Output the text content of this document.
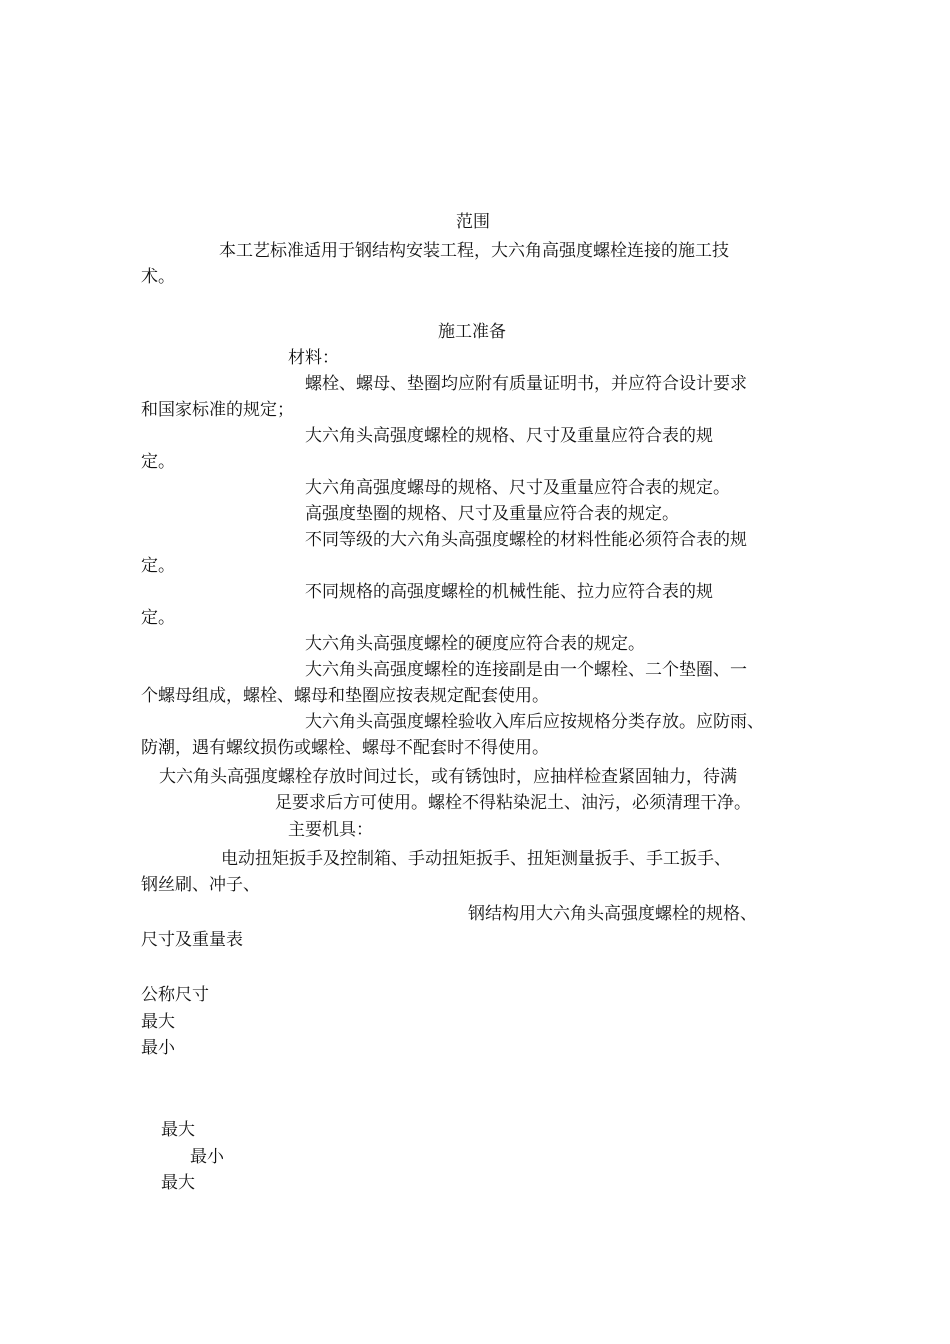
范围
本工艺标准适用于钢结构安装工程，大六角高强度螺栓连接的施工技
术。
施工准备
材料：
螺栓、螺母、垫圈均应附有质量证明书，并应符合设计要求
和国家标准的规定；
大六角头高强度螺栓的规格、尺寸及重量应符合表的规
定。
大六角高强度螺母的规格、尺寸及重量应符合表的规定。
高强度垫圈的规格、尺寸及重量应符合表的规定。
不同等级的大六角头高强度螺栓的材料性能必须符合表的规
定。
不同规格的高强度螺栓的机械性能、拉力应符合表的规
定。
大六角头高强度螺栓的硬度应符合表的规定。
大六角头高强度螺栓的连接副是由一个螺栓、二个垫圈、一
个螺母组成，螺栓、螺母和垫圈应按表规定配套使用。
大六角头高强度螺栓验收入库后应按规格分类存放。应防雨、
防潮，遇有螺纹损伤或螺栓、螺母不配套时不得使用。
大六角头高强度螺栓存放时间过长，或有锈蚀时，应抽样检查紧固轴力，待满
足要求后方可使用。螺栓不得粘染泥土、油污，必须清理干净。
主要机具：
电动扭矩扳手及控制箱、手动扭矩扳手、扭矩测量扳手、手工扳手、
钢丝刷、冲子、
钢结构用大六角头高强度螺栓的规格、
尺寸及重量表
公称尺寸
最大
最小
最大
最小
最大
